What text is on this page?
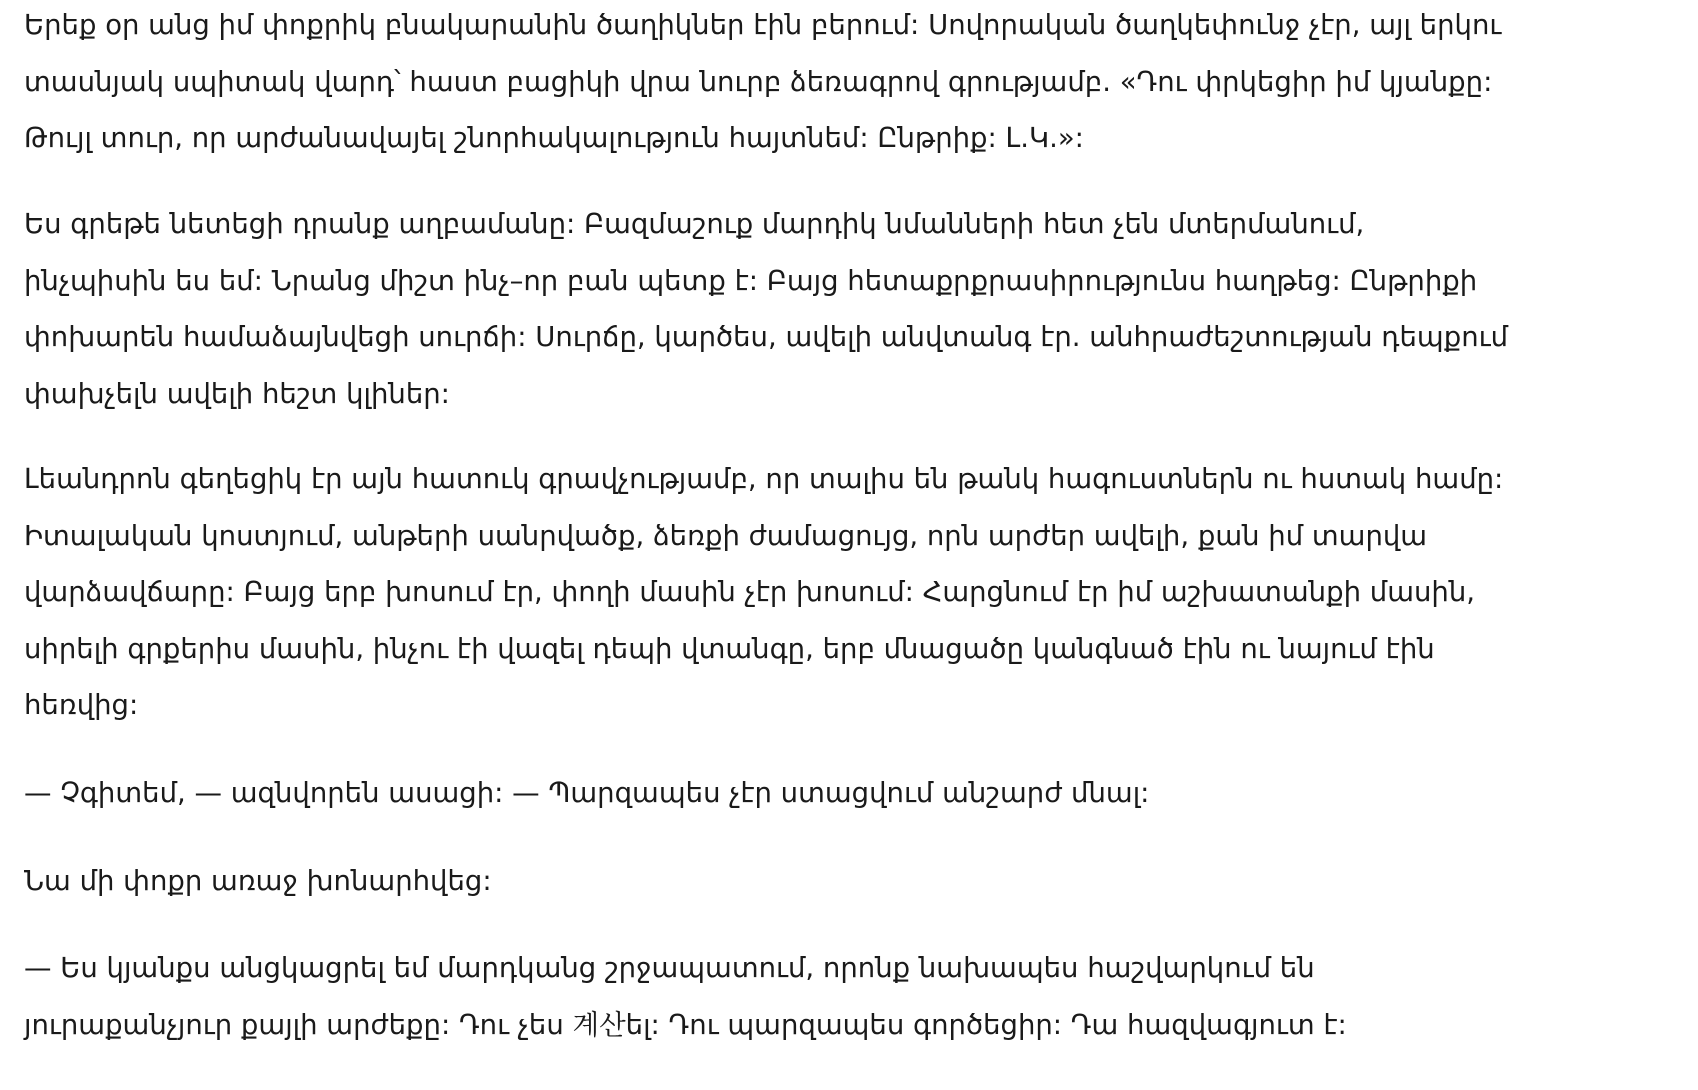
Երեք օր անց իմ փոքրիկ բնակարանին ծաղիկներ էին բերում: Սովորական ծաղկեփունջ չէր, այլ երկու
տասնյակ սպիտակ վարդ՝ հաստ բացիկի վրա նուրբ ձեռագրով գրությամբ. «Դու փրկեցիր իմ կյանքը:
Թույլ տուր, որ արժանավայել շնորհակալություն հայտնեմ: Ընթրիք: Լ.Կ.»:

Ես գրեթե նետեցի դրանք աղբամանը: Բազմաշուք մարդիկ նմանների հետ չեն մտերմանում,
ինչպիսին ես եմ: Նրանց միշտ ինչ–որ բան պետք է: Բայց հետաքրքրասիրությունս հաղթեց: Ընթրիքի
փոխարեն համաձայնվեցի սուրճի: Սուրճը, կարծես, ավելի անվտանգ էր. անհրաժեշտության դեպքում
փախչելն ավելի հեշտ կլիներ:

Լեանդրոն գեղեցիկ էր այն հատուկ գրավչությամբ, որ տալիս են թանկ հագուստներն ու հստակ համը:
Իտալական կոստյում, անթերի սանրվածք, ձեռքի ժամացույց, որն արժեր ավելի, քան իմ տարվա
վարձավճարը: Բայց երբ խոսում էր, փողի մասին չէր խոսում: Հարցնում էր իմ աշխատանքի մասին,
սիրելի գրքերիս մասին, ինչու էի վազել դեպի վտանգը, երբ մնացածը կանգնած էին ու նայում էին
հեռվից:

— Չգիտեմ, — ազնվորեն ասացի: — Պարզապես չէր ստացվում անշարժ մնալ:

Նա մի փոքր առաջ խոնարհվեց:

— Ես կյանքս անցկացրել եմ մարդկանց շրջապատում, որոնք նախապես հաշվարկում են
յուրաքանչյուր քայլի արժեքը: Դու չես 계산ել: Դու պարզապես գործեցիր: Դա հազվագյուտ է:
